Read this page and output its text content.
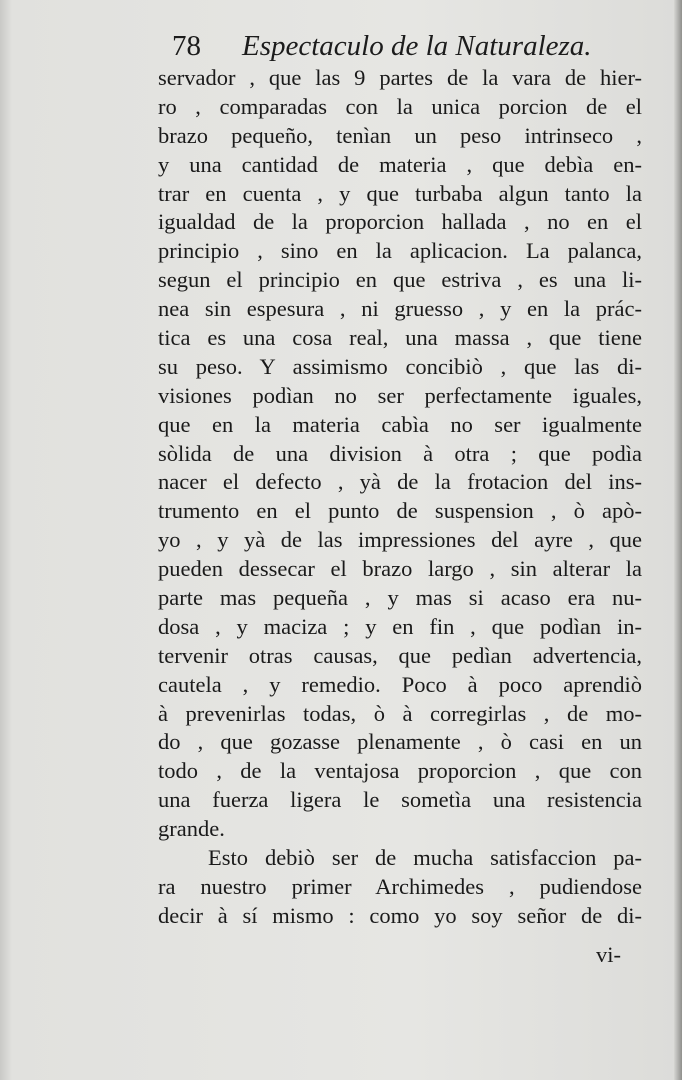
78 Espectaculo de la Naturaleza.
servador , que las 9 partes de la vara de hier-
ro , comparadas con la unica porcion de el
brazo pequeño, tenìan un peso intrinseco ,
y una cantidad de materia , que debìa en-
trar en cuenta , y que turbaba algun tanto la
igualdad de la proporcion hallada , no en el
principio , sino en la aplicacion. La palanca,
segun el principio en que estriva , es una li-
nea sin espesura , ni gruesso , y en la prác-
tica es una cosa real, una massa , que tiene
su peso. Y assimismo concibiò , que las di-
visiones podìan no ser perfectamente iguales,
que en la materia cabìa no ser igualmente
sòlida de una division à otra ; que podìa
nacer el defecto , yà de la frotacion del ins-
trumento en el punto de suspension , ò apò-
yo , y yà de las impressiones del ayre , que
pueden dessecar el brazo largo , sin alterar la
parte mas pequeña , y mas si acaso era nu-
dosa , y maciza ; y en fin , que podìan in-
tervenir otras causas, que pedìan advertencia,
cautela , y remedio. Poco à poco aprendiò
à prevenirlas todas, ò à corregirlas , de mo-
do , que gozasse plenamente , ò casi en un
todo , de la ventajosa proporcion , que con
una fuerza ligera le sometìa una resistencia
grande.
Esto debiò ser de mucha satisfaccion pa-
ra nuestro primer Archimedes , pudiendose
decir à sí mismo : como yo soy señor de di-
vi-
